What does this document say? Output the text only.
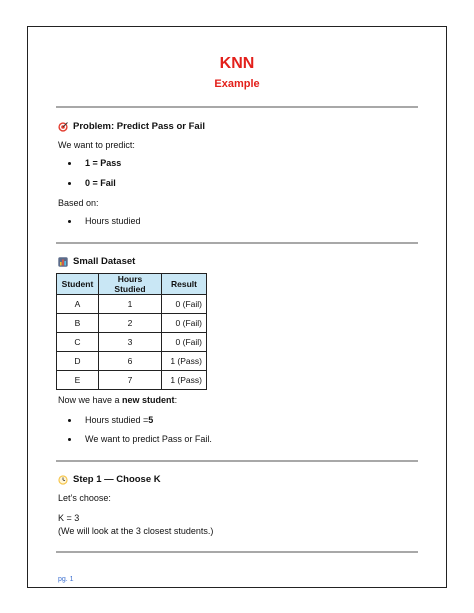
KNN
Example
Problem: Predict Pass or Fail
We want to predict:
1 = Pass
0 = Fail
Based on:
Hours studied
Small Dataset
Student	Hours Studied	Result
A	1	0 (Fail)
B	2	0 (Fail)
C	3	0 (Fail)
D	6	1 (Pass)
E	7	1 (Pass)
Now we have a new student:
Hours studied = 5
We want to predict Pass or Fail.
Step 1 — Choose K
Let’s choose:
K = 3
(We will look at the 3 closest students.)
pg. 1
